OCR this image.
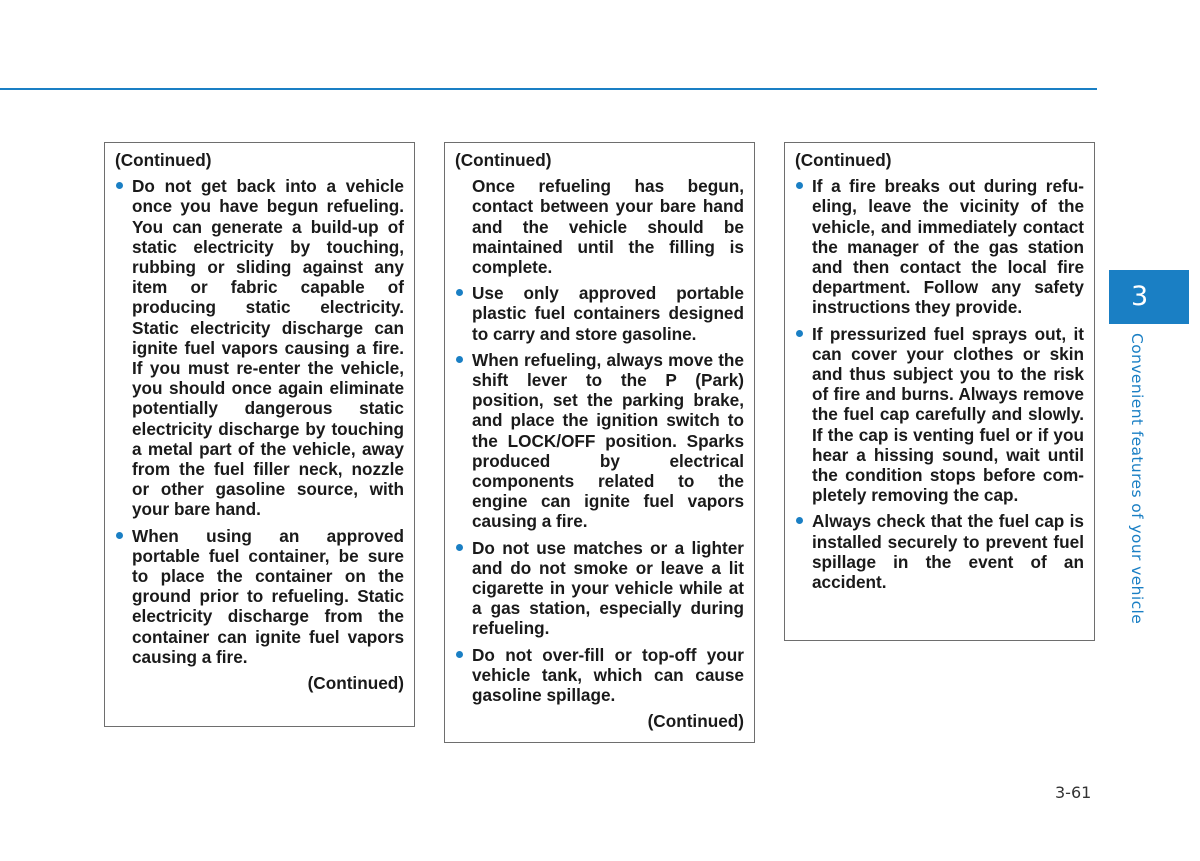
(Continued)

Do not get back into a vehicle once you have begun refueling. You can generate a build-up of static electricity by touching, rubbing or sliding against any item or fabric capable of producing static electricity. Static electricity discharge can ignite fuel vapors causing a fire. If you must re-enter the vehicle, you should once again eliminate potentially dangerous static electricity discharge by touching a metal part of the vehicle, away from the fuel filler neck, nozzle or other gasoline source, with your bare hand.
When using an approved portable fuel container, be sure to place the container on the ground prior to refueling. Static electricity discharge from the container can ignite fuel vapors causing a fire.

(Continued)

(Continued)

Once refueling has begun, contact between your bare hand and the vehicle should be maintained until the filling is complete.

Use only approved portable plastic fuel containers designed to carry and store gasoline.
When refueling, always move the shift lever to the P (Park) position, set the parking brake, and place the ignition switch to the LOCK/OFF position. Sparks produced by electrical components related to the engine can ignite fuel vapors causing a fire.
Do not use matches or a lighter and do not smoke or leave a lit cigarette in your vehicle while at a gas station, especially during refueling.
Do not over-fill or top-off your vehicle tank, which can cause gasoline spillage.

(Continued)

(Continued)

If a fire breaks out during refueling, leave the vicinity of the vehicle, and immediately contact the manager of the gas station and then contact the local fire department. Follow any safety instructions they provide.
If pressurized fuel sprays out, it can cover your clothes or skin and thus subject you to the risk of fire and burns. Always remove the fuel cap carefully and slowly. If the cap is venting fuel or if you hear a hissing sound, wait until the condition stops before completely removing the cap.
Always check that the fuel cap is installed securely to prevent fuel spillage in the event of an accident.
3
Convenient features of your vehicle
3-61
